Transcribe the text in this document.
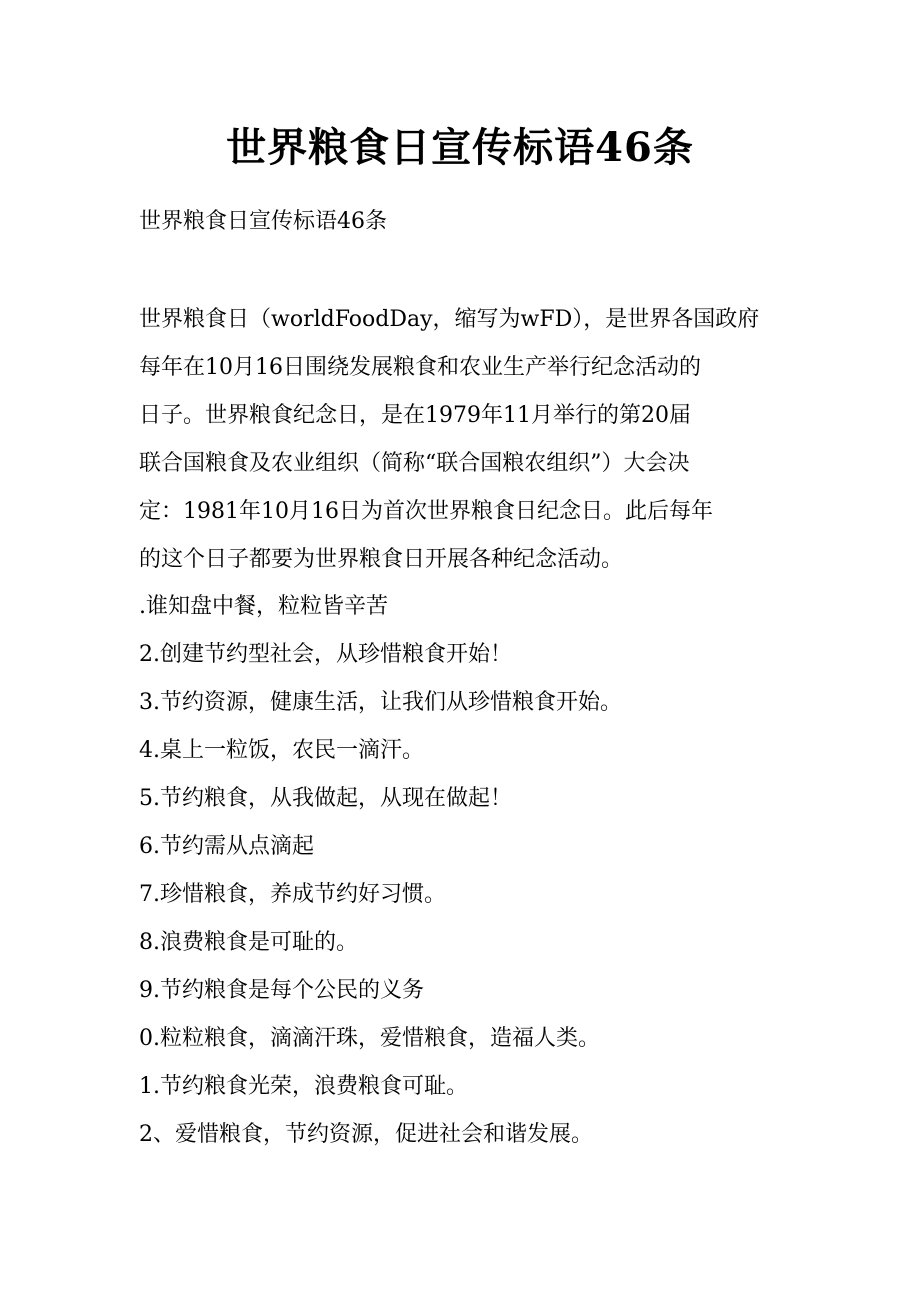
世界粮食日宣传标语46条
世界粮食日宣传标语46条
世界粮食日（worldFoodDay，缩写为wFD），是世界各国政府
每年在10月16日围绕发展粮食和农业生产举行纪念活动的
日子。世界粮食纪念日，是在1979年11月举行的第20届
联合国粮食及农业组织（简称“联合国粮农组织”）大会决
定：1981年10月16日为首次世界粮食日纪念日。此后每年
的这个日子都要为世界粮食日开展各种纪念活动。
.谁知盘中餐，粒粒皆辛苦
2.创建节约型社会，从珍惜粮食开始！
3.节约资源，健康生活，让我们从珍惜粮食开始。
4.桌上一粒饭，农民一滴汗。
5.节约粮食，从我做起，从现在做起！
6.节约需从点滴起
7.珍惜粮食，养成节约好习惯。
8.浪费粮食是可耻的。
9.节约粮食是每个公民的义务
0.粒粒粮食，滴滴汗珠，爱惜粮食，造福人类。
1.节约粮食光荣，浪费粮食可耻。
2、爱惜粮食，节约资源，促进社会和谐发展。
